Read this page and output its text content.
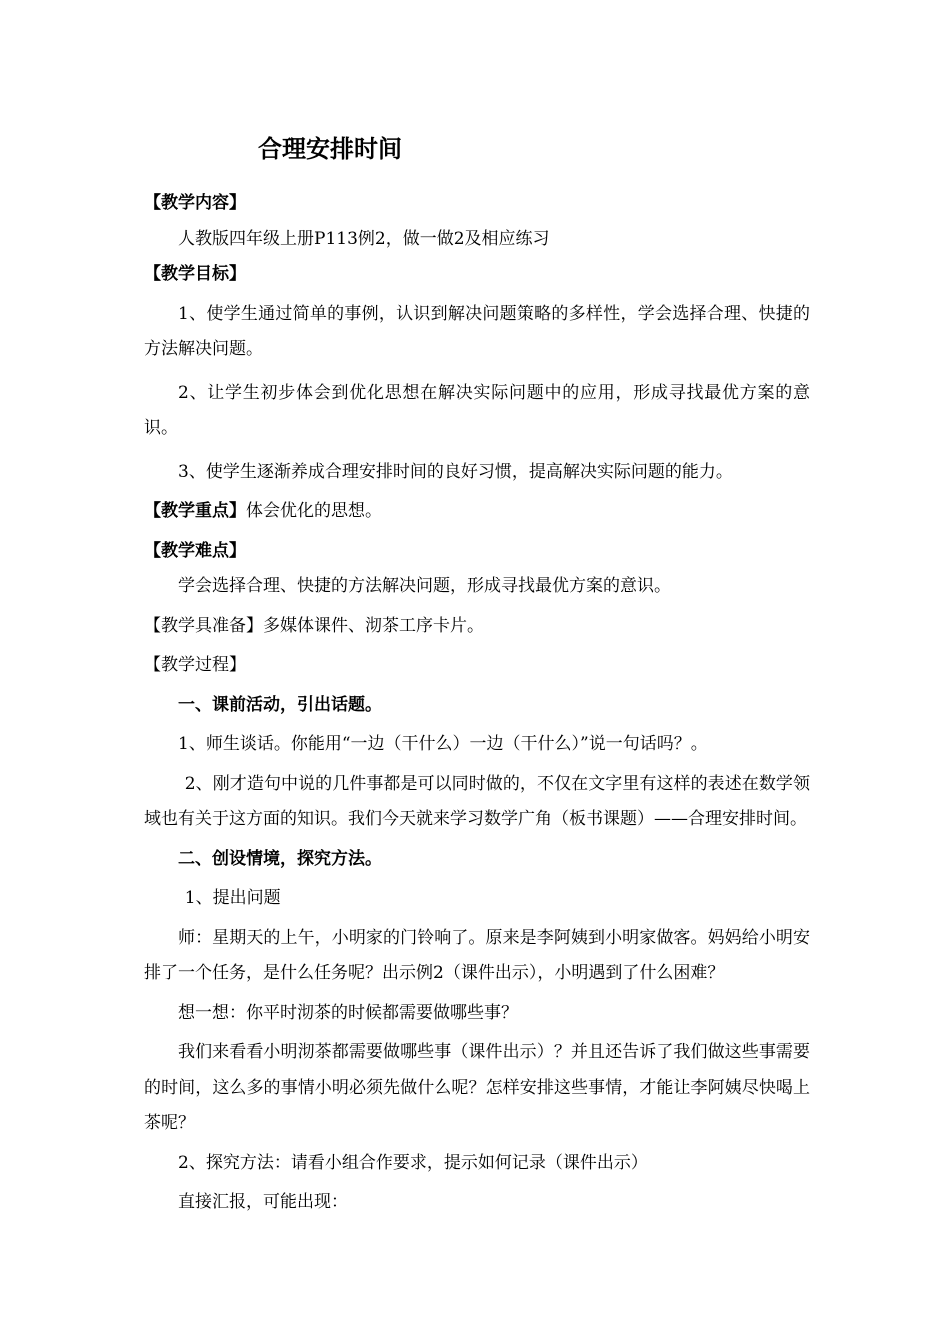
合理安排时间

【教学内容】

人教版四年级上册P113例2，做一做2及相应练习

【教学目标】

1、使学生通过简单的事例，认识到解决问题策略的多样性，学会选择合理、快捷的方法解决问题。

2、让学生初步体会到优化思想在解决实际问题中的应用，形成寻找最优方案的意识。

3、使学生逐渐养成合理安排时间的良好习惯，提高解决实际问题的能力。

【教学重点】体会优化的思想。

【教学难点】

学会选择合理、快捷的方法解决问题，形成寻找最优方案的意识。

【教学具准备】多媒体课件、沏茶工序卡片。

【教学过程】

一、课前活动，引出话题。

1、师生谈话。你能用“一边（干什么）一边（干什么）”说一句话吗？。

2、刚才造句中说的几件事都是可以同时做的，不仅在文字里有这样的表述在数学领域也有关于这方面的知识。我们今天就来学习数学广角（板书课题）——合理安排时间。

二、创设情境，探究方法。

1、提出问题

师：星期天的上午，小明家的门铃响了。原来是李阿姨到小明家做客。妈妈给小明安排了一个任务，是什么任务呢？出示例2（课件出示），小明遇到了什么困难？

想一想：你平时沏茶的时候都需要做哪些事？

我们来看看小明沏茶都需要做哪些事（课件出示）？并且还告诉了我们做这些事需要的时间，这么多的事情小明必须先做什么呢？怎样安排这些事情，才能让李阿姨尽快喝上茶呢？

2、探究方法：请看小组合作要求，提示如何记录（课件出示）

直接汇报，可能出现：
